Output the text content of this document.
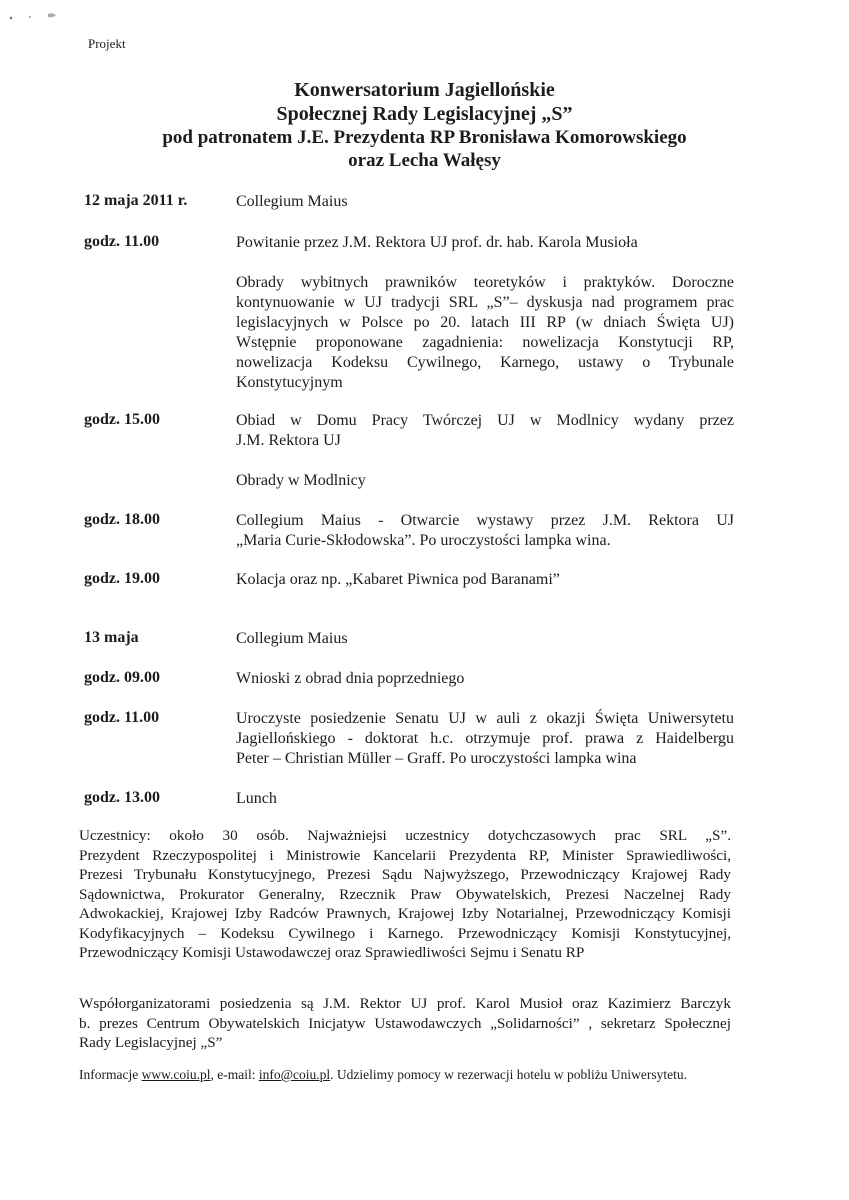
Projekt
Konwersatorium Jagiellońskie
Społecznej Rady Legislacyjnej „S”
pod patronatem J.E. Prezydenta RP Bronisława Komorowskiego
oraz Lecha Wałęsy
12 maja 2011 r.	Collegium Maius
godz. 11.00	Powitanie przez J.M. Rektora UJ prof. dr. hab. Karola Musioła
Obrady wybitnych prawników teoretyków i praktyków. Doroczne
kontynuowanie w UJ tradycji SRL „S”– dyskusja nad programem prac
legislacyjnych w Polsce po 20. latach III RP (w dniach Święta UJ)
Wstępnie proponowane zagadnienia: nowelizacja Konstytucji RP,
nowelizacja Kodeksu Cywilnego, Karnego, ustawy o Trybunale
Konstytucyjnym
godz. 15.00	Obiad w Domu Pracy Twórczej UJ w Modlnicy wydany przez
J.M. Rektora UJ
Obrady w Modlnicy
godz. 18.00	Collegium Maius - Otwarcie wystawy przez J.M. Rektora UJ
„Maria Curie-Skłodowska”. Po uroczystości lampka wina.
godz. 19.00	Kolacja oraz np. „Kabaret Piwnica pod Baranami”
13 maja	Collegium Maius
godz. 09.00	Wnioski z obrad dnia poprzedniego
godz. 11.00	Uroczyste posiedzenie Senatu UJ w auli z okazji Święta Uniwersytetu
Jagiellońskiego - doktorat h.c. otrzymuje prof. prawa z Haidelbergu
Peter – Christian Müller – Graff. Po uroczystości lampka wina
godz. 13.00	Lunch
Uczestnicy: około 30 osób. Najważniejsi uczestnicy dotychczasowych prac SRL „S”.
Prezydent Rzeczypospolitej i Ministrowie Kancelarii Prezydenta RP, Minister Sprawiedliwości,
Prezesi Trybunału Konstytucyjnego, Prezesi Sądu Najwyższego, Przewodniczący Krajowej Rady
Sądownictwa, Prokurator Generalny, Rzecznik Praw Obywatelskich, Prezesi Naczelnej Rady
Adwokackiej, Krajowej Izby Radców Prawnych, Krajowej Izby Notarialnej, Przewodniczący Komisji
Kodyfikacyjnych – Kodeksu Cywilnego i Karnego. Przewodniczący Komisji Konstytucyjnej,
Przewodniczący Komisji Ustawodawczej oraz Sprawiedliwości Sejmu i Senatu RP
Współorganizatorami posiedzenia są J.M. Rektor UJ prof. Karol Musioł oraz Kazimierz Barczyk
b. prezes Centrum Obywatelskich Inicjatyw Ustawodawczych „Solidarności” , sekretarz Społecznej
Rady Legislacyjnej „S”
Informacje www.coiu.pl, e-mail: info@coiu.pl. Udzielimy pomocy w rezerwacji hotelu w pobliżu Uniwersytetu.
